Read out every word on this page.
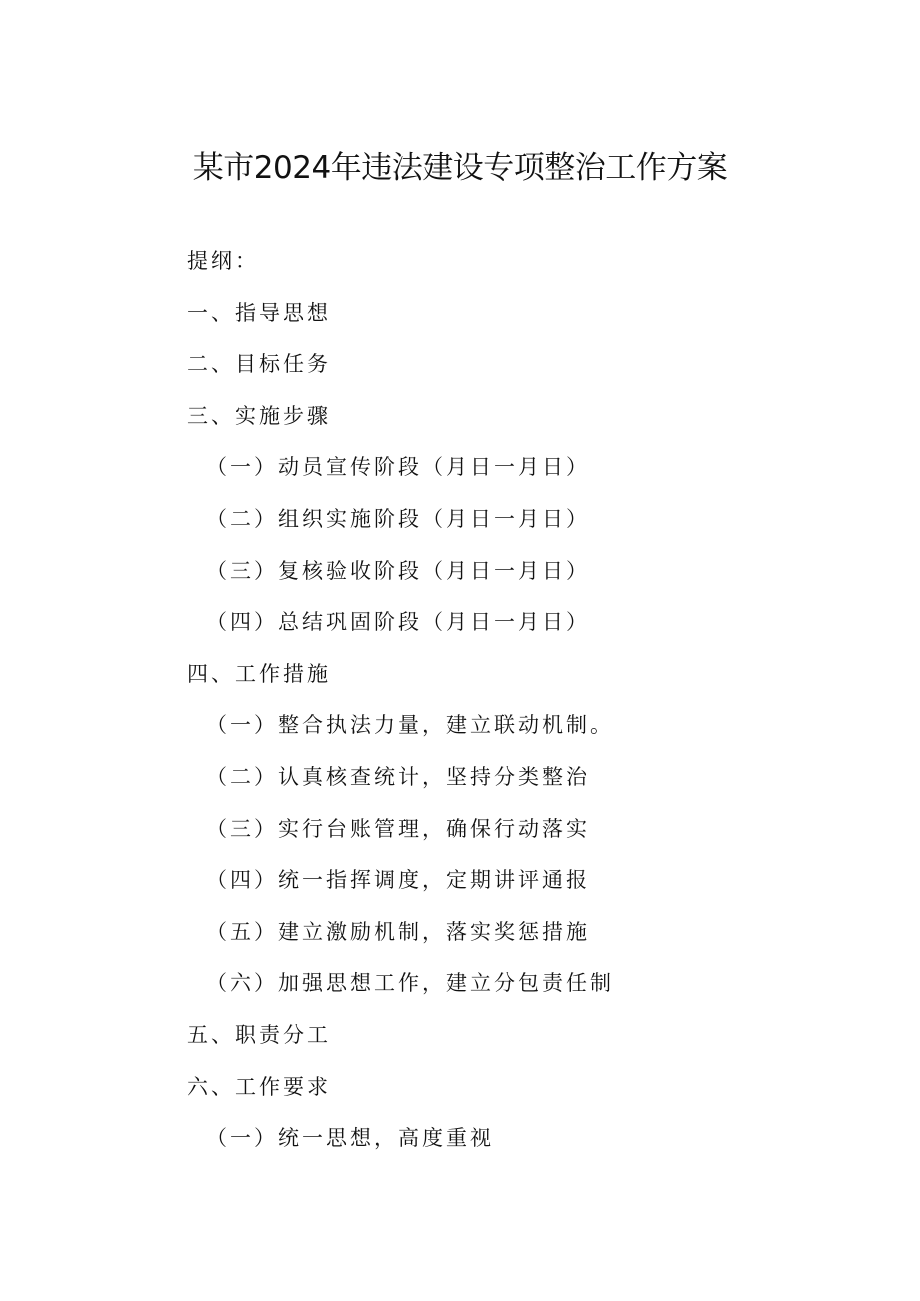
某市2024年违法建设专项整治工作方案
提纲：
一、指导思想
二、目标任务
三、实施步骤
（一）动员宣传阶段（月日一月日）
（二）组织实施阶段（月日一月日）
（三）复核验收阶段（月日一月日）
（四）总结巩固阶段（月日一月日）
四、工作措施
（一）整合执法力量，建立联动机制。
（二）认真核查统计，坚持分类整治
（三）实行台账管理，确保行动落实
（四）统一指挥调度，定期讲评通报
（五）建立激励机制，落实奖惩措施
（六）加强思想工作，建立分包责任制
五、职责分工
六、工作要求
（一）统一思想，高度重视
